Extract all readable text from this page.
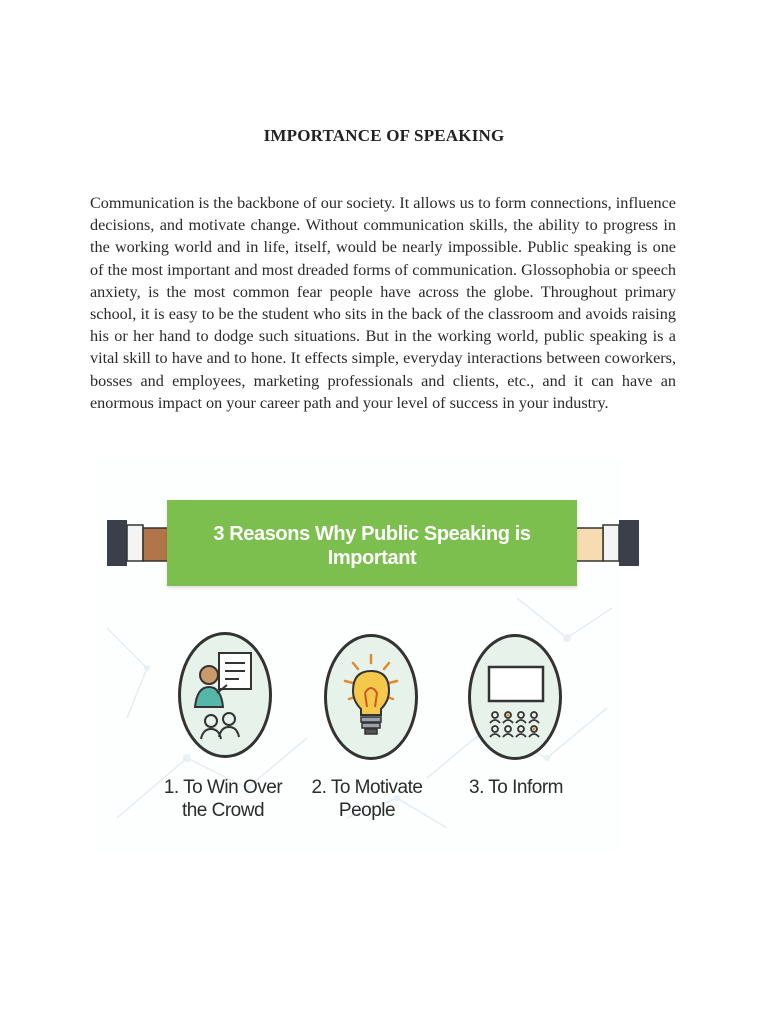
IMPORTANCE OF SPEAKING
Communication is the backbone of our society. It allows us to form connections, influence decisions, and motivate change. Without communication skills, the ability to progress in the working world and in life, itself, would be nearly impossible. Public speaking is one of the most important and most dreaded forms of communication. Glossophobia or speech anxiety, is the most common fear people have across the globe. Throughout primary school, it is easy to be the student who sits in the back of the classroom and avoids raising his or her hand to dodge such situations. But in the working world, public speaking is a vital skill to have and to hone. It effects simple, everyday interactions between coworkers, bosses and employees, marketing professionals and clients, etc., and it can have an enormous impact on your career path and your level of success in your industry.
3 Reasons Why Public Speaking is
Important
1. To Win Over
the Crowd
2. To Motivate
People
3. To Inform
